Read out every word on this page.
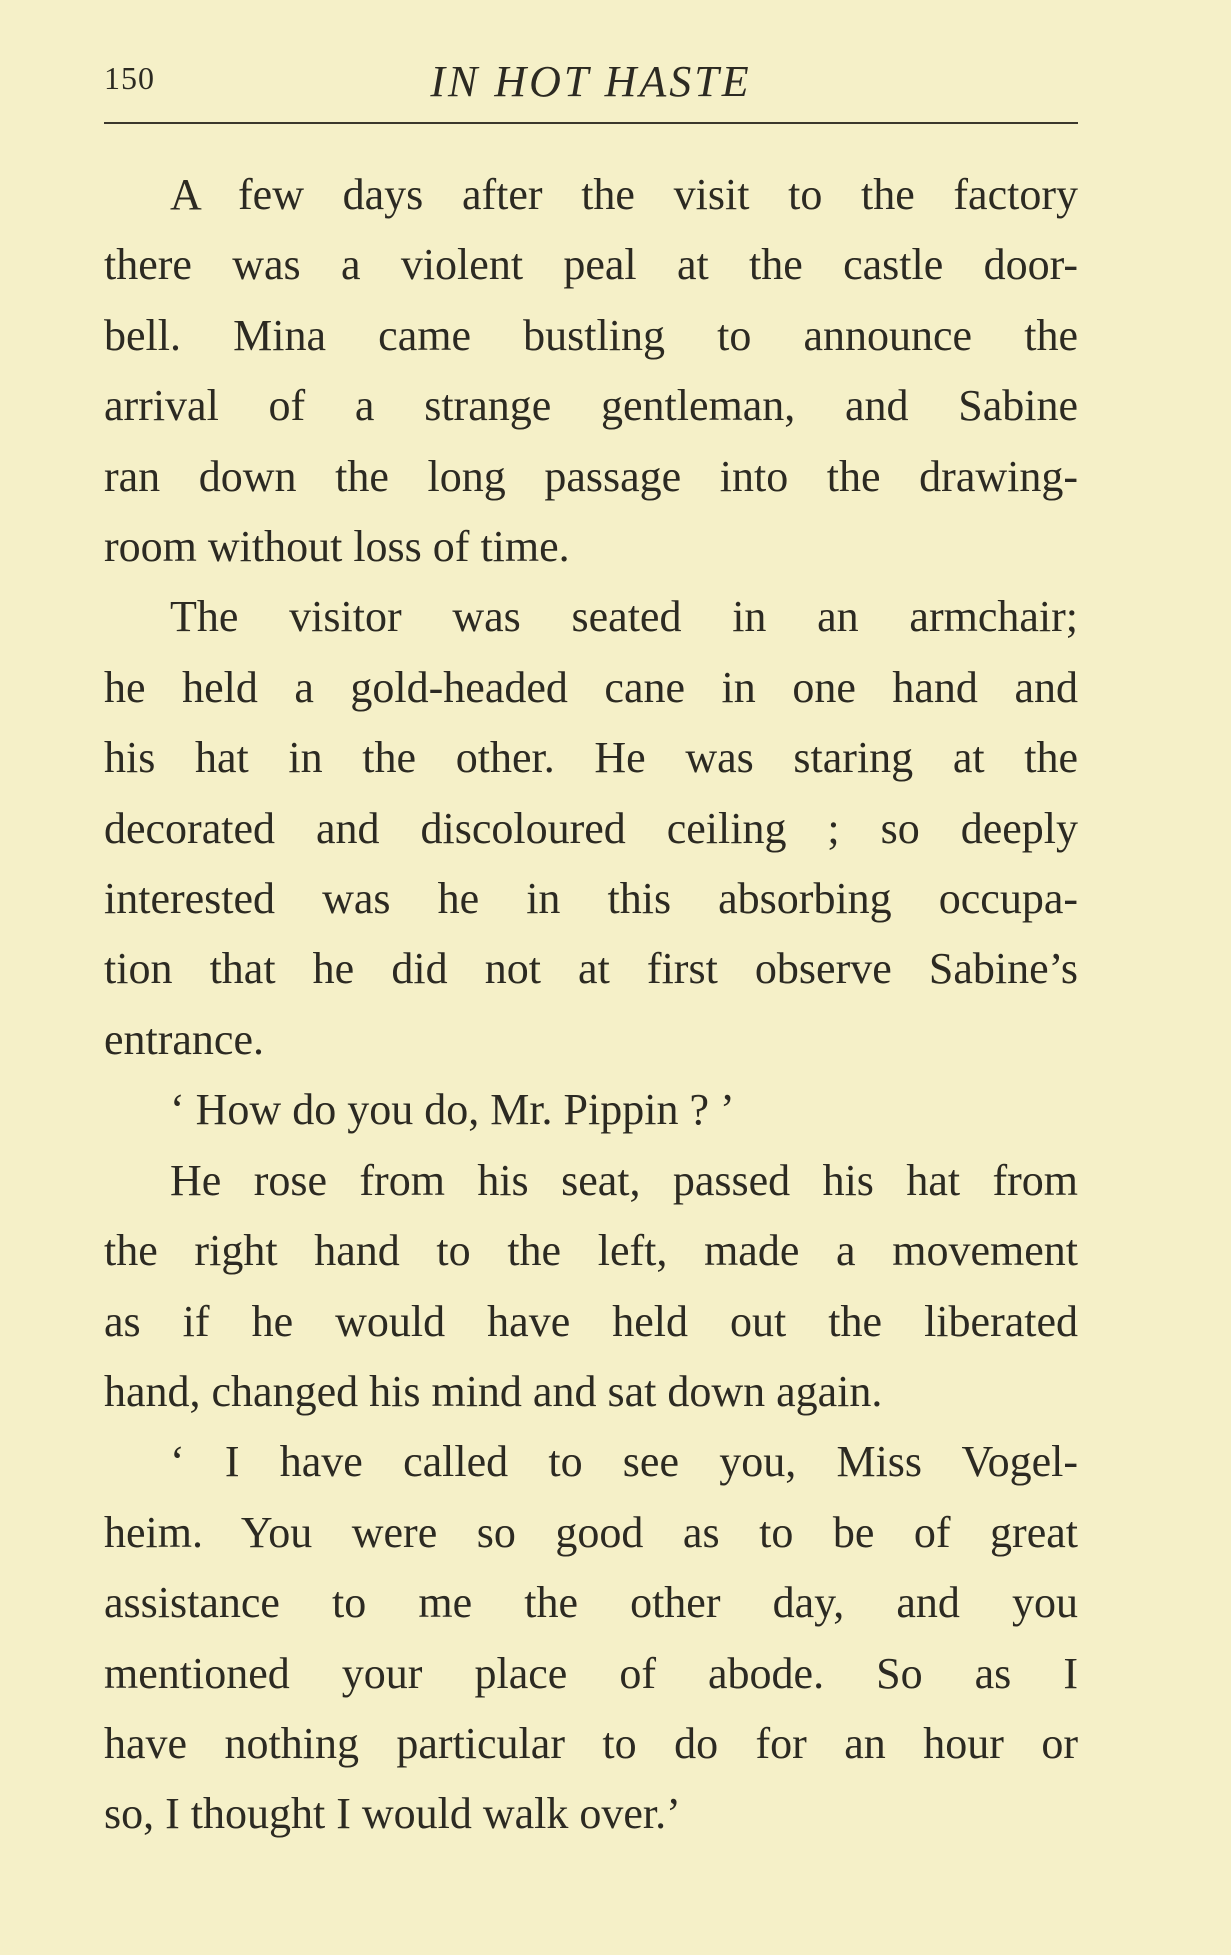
150	IN HOT HASTE
A few days after the visit to the factory
there was a violent peal at the castle door-
bell. Mina came bustling to announce the
arrival of a strange gentleman, and Sabine
ran down the long passage into the drawing-
room without loss of time.
The visitor was seated in an armchair;
he held a gold-headed cane in one hand and
his hat in the other. He was staring at the
decorated and discoloured ceiling ; so deeply
interested was he in this absorbing occupa-
tion that he did not at first observe Sabine’s
entrance.
‘ How do you do, Mr. Pippin ? ’
He rose from his seat, passed his hat from
the right hand to the left, made a movement
as if he would have held out the liberated
hand, changed his mind and sat down again.
‘ I have called to see you, Miss Vogel-
heim. You were so good as to be of great
assistance to me the other day, and you
mentioned your place of abode. So as I
have nothing particular to do for an hour or
so, I thought I would walk over.’
